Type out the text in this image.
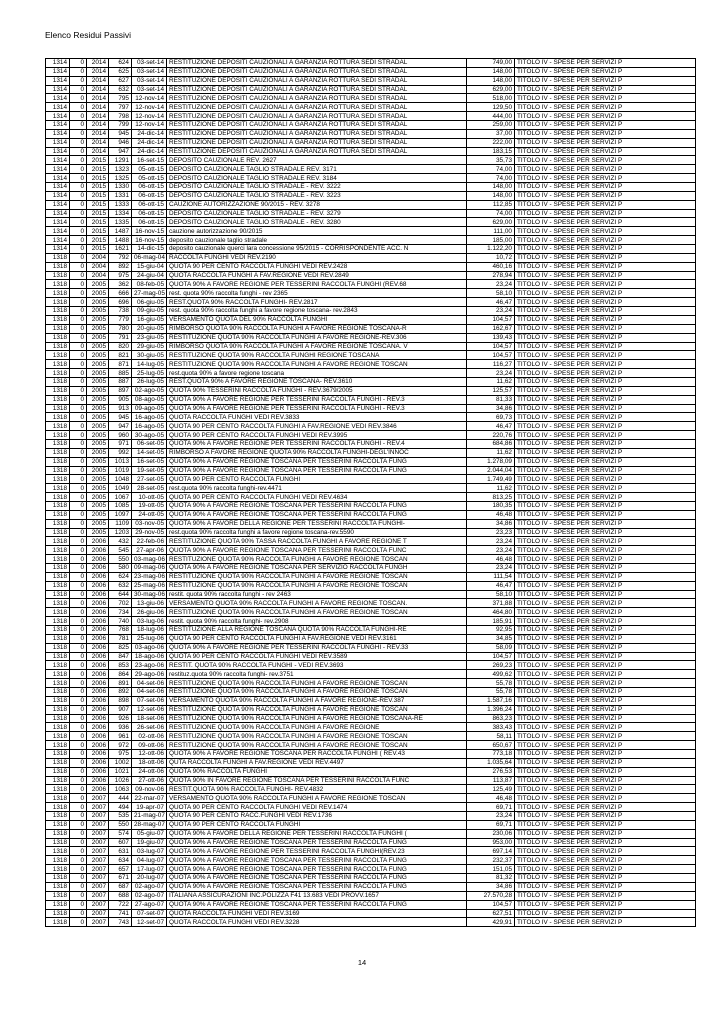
Elenco Residui Passivi
1314	0	2014	624	03-set-14	RESTITUZIONE DEPOSITI CAUZIONALI A GARANZIA ROTTURA SEDI STRADAL	749,00	TITOLO IV - SPESE PER SERVIZI P
1314	0	2014	625	03-set-14	RESTITUZIONE DEPOSITI CAUZIONALI A GARANZIA ROTTURA SEDI STRADAL	148,00	TITOLO IV - SPESE PER SERVIZI P
1314	0	2014	627	03-set-14	RESTITUZIONE DEPOSITI CAUZIONALI A GARANZIA ROTTURA SEDI STRADAL	148,00	TITOLO IV - SPESE PER SERVIZI P
1314	0	2014	632	03-set-14	RESTITUZIONE DEPOSITI CAUZIONALI A GARANZIA ROTTURA SEDI STRADAL	629,00	TITOLO IV - SPESE PER SERVIZI P
1314	0	2014	795	12-nov-14	RESTITUZIONE DEPOSITI CAUZIONALI A GARANZIA ROTTURA SEDI STRADAL	518,00	TITOLO IV - SPESE PER SERVIZI P
1314	0	2014	797	12-nov-14	RESTITUZIONE DEPOSITI CAUZIONALI A GARANZIA ROTTURA SEDI STRADAL	129,50	TITOLO IV - SPESE PER SERVIZI P
1314	0	2014	798	12-nov-14	RESTITUZIONE DEPOSITI CAUZIONALI A GARANZIA ROTTURA SEDI STRADAL	444,00	TITOLO IV - SPESE PER SERVIZI P
1314	0	2014	799	12-nov-14	RESTITUZIONE DEPOSITI CAUZIONALI A GARANZIA ROTTURA SEDI STRADAL	259,00	TITOLO IV - SPESE PER SERVIZI P
1314	0	2014	945	24-dic-14	RESTITUZIONE DEPOSITI CAUZIONALI A GARANZIA ROTTURA SEDI STRADAL	37,00	TITOLO IV - SPESE PER SERVIZI P
1314	0	2014	946	24-dic-14	RESTITUZIONE DEPOSITI CAUZIONALI A GARANZIA ROTTURA SEDI STRADAL	222,00	TITOLO IV - SPESE PER SERVIZI P
1314	0	2014	947	24-dic-14	RESTITUZIONE DEPOSITI CAUZIONALI A GARANZIA ROTTURA SEDI STRADAL	183,15	TITOLO IV - SPESE PER SERVIZI P
1314	0	2015	1291	16-set-15	DEPOSITO CAUZIONALE REV. 2627	35,73	TITOLO IV - SPESE PER SERVIZI P
1314	0	2015	1323	05-ott-15	DEPOSITO CAUZIONALE TAGLIO STRADALE REV. 3171	74,00	TITOLO IV - SPESE PER SERVIZI P
1314	0	2015	1325	05-ott-15	DEPOSITO CAUZIONALE TAGLIO STRADALE REV. 3184	74,00	TITOLO IV - SPESE PER SERVIZI P
1314	0	2015	1330	06-ott-15	DEPOSITO CAUZIONALE TAGLIO STRADALE - REV. 3222	148,00	TITOLO IV - SPESE PER SERVIZI P
1314	0	2015	1331	06-ott-15	DEPOSITO CAUZIONALE TAGLIO STRADALE - REV. 3223	148,00	TITOLO IV - SPESE PER SERVIZI P
1314	0	2015	1333	06-ott-15	CAUZIONE AUTORIZZAZIONE 90/2015 - REV. 3278	112,85	TITOLO IV - SPESE PER SERVIZI P
1314	0	2015	1334	06-ott-15	DEPOSITO CAUZIONALE TAGLIO STRADALE - REV. 3279	74,00	TITOLO IV - SPESE PER SERVIZI P
1314	0	2015	1335	06-ott-15	DEPOSITO CAUZIONALE TAGLIO STRADALE - REV. 3280	629,00	TITOLO IV - SPESE PER SERVIZI P
1314	0	2015	1487	16-nov-15	cauzione autorizzazione 90/2015	111,00	TITOLO IV - SPESE PER SERVIZI P
1314	0	2015	1488	16-nov-15	deposito cauzionale taglio stradale	185,00	TITOLO IV - SPESE PER SERVIZI P
1314	0	2015	1621	14-dic-15	deposito cauzionale querci lara concessione 95/2015 - CORRISPONDENTE ACC. N	1.122,20	TITOLO IV - SPESE PER SERVIZI P
1318	0	2004	792	06-mag-04	RACCOLTA FUNGHI VEDI REV.2190	10,72	TITOLO IV - SPESE PER SERVIZI P
1318	0	2004	892	15-giu-04	QUOTA 90 PER CENTO RACCOLTA FUNGHI VEDI REV.2428	460,16	TITOLO IV - SPESE PER SERVIZI P
1318	0	2004	975	24-giu-04	QUOTA RACCOLTA FUNGHI A FAV.REGIONE VEDI REV.2849	278,94	TITOLO IV - SPESE PER SERVIZI P
1318	0	2005	362	08-feb-05	QUOTA 90% A FAVORE REGIONE PER TESSERINI RACCOLTA FUNGHI (REV.68	23,24	TITOLO IV - SPESE PER SERVIZI P
1318	0	2005	666	27-mag-05	rest. quota 90% raccolta funghi - rev 2365	58,10	TITOLO IV - SPESE PER SERVIZI P
1318	0	2005	696	06-giu-05	REST.QUOTA 90% RACCOLTA FUNGHI- REV.2817	46,47	TITOLO IV - SPESE PER SERVIZI P
1318	0	2005	738	09-giu-05	rest. quota 90% raccolta funghi a favore regione toscana- rev.2843	23,24	TITOLO IV - SPESE PER SERVIZI P
1318	0	2005	779	16-giu-05	VERSAMENTO QUOTA DEL 90% RACCOLTA FUNGHI	104,57	TITOLO IV - SPESE PER SERVIZI P
1318	0	2005	780	20-giu-05	RIMBORSO QUOTA 90% RACCOLTA FUNGHI A FAVORE REGIONE TOSCANA-R	162,67	TITOLO IV - SPESE PER SERVIZI P
1318	0	2005	791	23-giu-05	RESTITUZIONE QUOTA 90% RACCOLTA FUNGHI A FAVORE REGIONE-REV.306	139,43	TITOLO IV - SPESE PER SERVIZI P
1318	0	2005	820	29-giu-05	RIMBORSO QUOTA 90% RACCOLTA FUNGHI A FAVORE REGIONE TOSCANA. V	104,57	TITOLO IV - SPESE PER SERVIZI P
1318	0	2005	821	30-giu-05	RESTITUZIONE QUOTA 90% RACCOLTA FUNGHI REGIONE TOSCANA	104,57	TITOLO IV - SPESE PER SERVIZI P
1318	0	2005	871	14-lug-05	RESTITUZIONE QUOTA 90% RACCOLTA FUNGHI A FAVORE REGIONE TOSCAN	116,27	TITOLO IV - SPESE PER SERVIZI P
1318	0	2005	885	25-lug-05	rest.quota 90% a favore regione toscana	23,24	TITOLO IV - SPESE PER SERVIZI P
1318	0	2005	887	26-lug-05	REST.QUOTA 90% A FAVORE REGIONE TOSCANA- REV.3610	11,62	TITOLO IV - SPESE PER SERVIZI P
1318	0	2005	897	02-ago-05	QUOTA 90% TESSERINI RACCOLTA FUNGHI - REV.3679/2005	125,57	TITOLO IV - SPESE PER SERVIZI P
1318	0	2005	905	08-ago-05	QUOTA 90% A FAVORE REGIONE PER TESSERINI RACCOLTA FUNGHI - REV.3	81,33	TITOLO IV - SPESE PER SERVIZI P
1318	0	2005	913	09-ago-05	QUOTA 90% A FAVORE REGIONE PER TESSERINI RACCOLTA FUNGHI - REV.3	34,86	TITOLO IV - SPESE PER SERVIZI P
1318	0	2005	945	16-ago-05	QUOTA RACCOLTA FUNGHI VEDI REV.3833	69,73	TITOLO IV - SPESE PER SERVIZI P
1318	0	2005	947	16-ago-05	QUOTA 90 PER CENTO RACCOLTA FUNGHI A FAV.REGIONE VEDI REV.3846	46,47	TITOLO IV - SPESE PER SERVIZI P
1318	0	2005	960	30-ago-05	QUOTA 90 PER CENTO RACCOLTA FUNGHI VEDI REV.3995	220,76	TITOLO IV - SPESE PER SERVIZI P
1318	0	2005	971	06-set-05	QUOTA 90% A FAVORE REGIONE PER TESSERINI RACCOLTA FUNGHI - REV.4	684,86	TITOLO IV - SPESE PER SERVIZI P
1318	0	2005	992	14-set-05	RIMBORSO A FAVORE REGIONE QUOTA 90% RACCOLTA FUNGHI-DEGL'INNOC	11,62	TITOLO IV - SPESE PER SERVIZI P
1318	0	2005	1013	16-set-05	QUOTA 90% A FAVORE REGIONE TOSCANA PER TESSERINI RACCOLTA FUNG	1.278,09	TITOLO IV - SPESE PER SERVIZI P
1318	0	2005	1019	19-set-05	QUOTA 90% A FAVORE REGIONE TOSCANA PER TESSERINI RACCOLTA FUNG	2.044,04	TITOLO IV - SPESE PER SERVIZI P
1318	0	2005	1048	27-set-05	QUOTA 90 PER CENTO RACCOLTA FUNGHI	1.749,49	TITOLO IV - SPESE PER SERVIZI P
1318	0	2005	1049	28-set-05	rest.quota 90% raccolta funghi-rev.4471	11,62	TITOLO IV - SPESE PER SERVIZI P
1318	0	2005	1067	10-ott-05	QUOTA 90 PER CENTO RACCOLTA FUNGHI VEDI REV.4634	813,25	TITOLO IV - SPESE PER SERVIZI P
1318	0	2005	1085	19-ott-05	QUOTA 90% A FAVORE REGIONE TOSCANA PER TESSERINI RACCOLTA FUNG	180,35	TITOLO IV - SPESE PER SERVIZI P
1318	0	2005	1097	24-ott-05	QUOTA 90% A FAVORE REGIONE TOSCANA PER TESSERINI RACCOLTA FUNG	46,48	TITOLO IV - SPESE PER SERVIZI P
1318	0	2005	1109	03-nov-05	QUOTA 90% A FAVORE DELLA REGIONE PER TESSERINI RACCOLTA FUNGHI-	34,86	TITOLO IV - SPESE PER SERVIZI P
1318	0	2005	1203	29-nov-05	rest.quota 90% raccolta funghi a favore regione toscana-rev.5590	23,23	TITOLO IV - SPESE PER SERVIZI P
1318	0	2006	432	22-feb-06	RESTITUZIONE QUOTA 90% TASSA RACCOLTA FUNGHI A FAVORE REGIONE T	23,24	TITOLO IV - SPESE PER SERVIZI P
1318	0	2006	545	27-apr-06	QUOTA 90% A FAVORE REGIONE TOSCANA PER TESSERINI RACCOLTA FUNC	23,24	TITOLO IV - SPESE PER SERVIZI P
1318	0	2006	550	03-mag-06	RESTITUZIONE QUOTA 90% RACCOLTA FUNGHI A FAVORE REGIONE TOSCAN	46,48	TITOLO IV - SPESE PER SERVIZI P
1318	0	2006	580	09-mag-06	QUOTA 90% A FAVORE REGIONE TOSCANA PER SERVIZIO RACCOLTA FUNGH	23,24	TITOLO IV - SPESE PER SERVIZI P
1318	0	2006	624	23-mag-06	RESTITUZIONE QUOTA 90% RACCOLTA FUNGHI A FAVORE REGIONE TOSCAN	111,54	TITOLO IV - SPESE PER SERVIZI P
1318	0	2006	632	25-mag-06	RESTITUZIONE QUOTA 90% RACCOLTA FUNGHI A FAVORE REGIONE TOSCAN	46,47	TITOLO IV - SPESE PER SERVIZI P
1318	0	2006	644	30-mag-06	restit. quota 90% raccolta funghi - rev 2463	58,10	TITOLO IV - SPESE PER SERVIZI P
1318	0	2006	702	13-giu-06	VERSAMENTO QUOTA 90% RACCOLTA FUNGHI A FAVORE REGIONE TOSCAN.	371,88	TITOLO IV - SPESE PER SERVIZI P
1318	0	2006	734	26-giu-06	RESTITUZIONE QUOTA 90% RACCOLTA FUNGHI A FAVORE REGIONE TOSCAN	464,80	TITOLO IV - SPESE PER SERVIZI P
1318	0	2006	740	03-lug-06	restit. quota 90% raccolta funghi- rev.2908	185,91	TITOLO IV - SPESE PER SERVIZI P
1318	0	2006	768	18-lug-06	RESTITUZIONE ALLA REGIONE TOSCANA QUOTA 90% RACCOLTA FUNGHI-RE	92,95	TITOLO IV - SPESE PER SERVIZI P
1318	0	2006	781	25-lug-06	QUOTA 90 PER CENTO RACCOLTA FUNGHI A FAV.REGIONE VEDI REV.3161	34,85	TITOLO IV - SPESE PER SERVIZI P
1318	0	2006	825	03-ago-06	QUOTA 90% A FAVORE REGIONE PER TESSERINI RACCOLTA FUNGHI - REV.33	58,09	TITOLO IV - SPESE PER SERVIZI P
1318	0	2006	847	18-ago-06	QUOTA 90 PER CENTO RACCOLTA FUNGHI VEDI REV.3589	104,57	TITOLO IV - SPESE PER SERVIZI P
1318	0	2006	853	23-ago-06	RESTIT. QUOTA 90% RACCOLTA FUNGHI - VEDI REV.3693	269,23	TITOLO IV - SPESE PER SERVIZI P
1318	0	2006	864	29-ago-06	restituz.quota 90% raccolta funghi- rev.3751	499,62	TITOLO IV - SPESE PER SERVIZI P
1318	0	2006	891	04-set-06	RESTITUZIONE QUOTA 90% RACCOLTA FUNGHI A FAVORE REGIONE TOSCAN	55,78	TITOLO IV - SPESE PER SERVIZI P
1318	0	2006	892	04-set-06	RESTITUZIONE QUOTA 90% RACCOLTA FUNGHI A FAVORE REGIONE TOSCAN	55,78	TITOLO IV - SPESE PER SERVIZI P
1318	0	2006	898	07-set-06	VERSAMENTO QUOTA 90% RACCOLTA FUNGHI A FAVORE REGIONE-REV.387	1.587,16	TITOLO IV - SPESE PER SERVIZI P
1318	0	2006	907	12-set-06	RESTITUZIONE QUOTA 90% RACCOLTA FUNGHI A FAVORE REGIONE TOSCAN	1.396,24	TITOLO IV - SPESE PER SERVIZI P
1318	0	2006	926	18-set-06	RESTITUZIONE QUOTA 90% RACCOLTA FUNGHI A FAVORE REGIONE TOSCANA-RE	863,23	TITOLO IV - SPESE PER SERVIZI P
1318	0	2006	936	26-set-06	RESTITUZIONE QUOTA 90% RACCOLTA FUNGHI A FAVORE REGIONE	383,43	TITOLO IV - SPESE PER SERVIZI P
1318	0	2006	961	02-ott-06	RESTITUZIONE QUOTA 90% RACCOLTA FUNGHI A FAVORE REGIONE TOSCAN	58,11	TITOLO IV - SPESE PER SERVIZI P
1318	0	2006	972	09-ott-06	RESTITUZIONE QUOTA 90% RACCOLTA FUNGHI A FAVORE REGIONE TOSCAN	650,67	TITOLO IV - SPESE PER SERVIZI P
1318	0	2006	975	12-ott-06	QUOTA 90% A FAVORE REGIONE TOSCANA PER RACCOLTA FUNGHI ( REV.43	773,18	TITOLO IV - SPESE PER SERVIZI P
1318	0	2006	1002	18-ott-06	QUTA RACCOLTA FUNGHI A FAV.REGIONE VEDI REV.4497	1.035,64	TITOLO IV - SPESE PER SERVIZI P
1318	0	2006	1021	24-ott-06	QUOTA 90% RACCOLTA FUNGHI	276,53	TITOLO IV - SPESE PER SERVIZI P
1318	0	2006	1026	27-ott-06	QUOTA 90% IN FAVORE REGIONE TOSCANA PER TESSERINI RACCOLTA FUNC	113,87	TITOLO IV - SPESE PER SERVIZI P
1318	0	2006	1063	09-nov-06	RESTIT.QUOTA 90% RACCOLTA FUNGHI- REV.4832	125,49	TITOLO IV - SPESE PER SERVIZI P
1318	0	2007	444	22-mar-07	VERSAMENTO QUOTA 90% RACCOLTA FUNGHI A FAVORE REGIONE TOSCAN	46,48	TITOLO IV - SPESE PER SERVIZI P
1318	0	2007	494	19-apr-07	QUOTA 90 PER CENTO RACCOLTA FUNGHI VEDI REV.1474	69,71	TITOLO IV - SPESE PER SERVIZI P
1318	0	2007	535	21-mag-07	QUOTA 90 PER CENTO RACC.FUNGHI VEDI REV.1736	23,24	TITOLO IV - SPESE PER SERVIZI P
1318	0	2007	550	28-mag-07	QUOTA 90 PER CENTO RACCOLTA FUNGHI	69,71	TITOLO IV - SPESE PER SERVIZI P
1318	0	2007	574	05-giu-07	QUOTA 90% A FAVORE DELLA REGIONE PER TESSERINI RACCOLTA FUNGHI (	230,06	TITOLO IV - SPESE PER SERVIZI P
1318	0	2007	607	19-giu-07	QUOTA 90% A FAVORE REGIONE TOSCANA PER TESSERINI RACCOLTA FUNG	953,00	TITOLO IV - SPESE PER SERVIZI P
1318	0	2007	631	03-lug-07	QUOTA 90% A FAVORE REGIONE PER TESSERINI RACCOLTA FUNGHI(REV.23	697,14	TITOLO IV - SPESE PER SERVIZI P
1318	0	2007	634	04-lug-07	QUOTA 90% A FAVORE REGIONE TOSCANA PER TESSERINI RACCOLTA FUNG	232,37	TITOLO IV - SPESE PER SERVIZI P
1318	0	2007	657	17-lug-07	QUOTA 90% A FAVORE REGIONE TOSCANA PER TESSERINI RACCOLTA FUNG	151,05	TITOLO IV - SPESE PER SERVIZI P
1318	0	2007	671	20-lug-07	QUOTA 90% A FAVORE REGIONE TOSCANA PER TESSERINI RACCOLTA FUNG	81,32	TITOLO IV - SPESE PER SERVIZI P
1318	0	2007	687	02-ago-07	QUOTA 90% A FAVORE REGIONE TOSCANA PER TESSERINI RACCOLTA FUNG	34,86	TITOLO IV - SPESE PER SERVIZI P
1318	0	2007	688	02-ago-07	ITALIANA ASSICURAZIONI INC.POLIZZA F41 13.683 VEDI PROVV.1657	27.570,28	TITOLO IV - SPESE PER SERVIZI P
1318	0	2007	722	27-ago-07	QUOTA 90% A FAVORE REGIONE TOSCANA PER TESSERINI RACCOLTA FUNG	104,57	TITOLO IV - SPESE PER SERVIZI P
1318	0	2007	741	07-set-07	QUOTA RACCOLTA FUNGHI VEDI REV.3169	627,51	TITOLO IV - SPESE PER SERVIZI P
1318	0	2007	743	12-set-07	QUOTA RACCOLTA FUNGHI VEDI REV.3228	429,91	TITOLO IV - SPESE PER SERVIZI P
14
